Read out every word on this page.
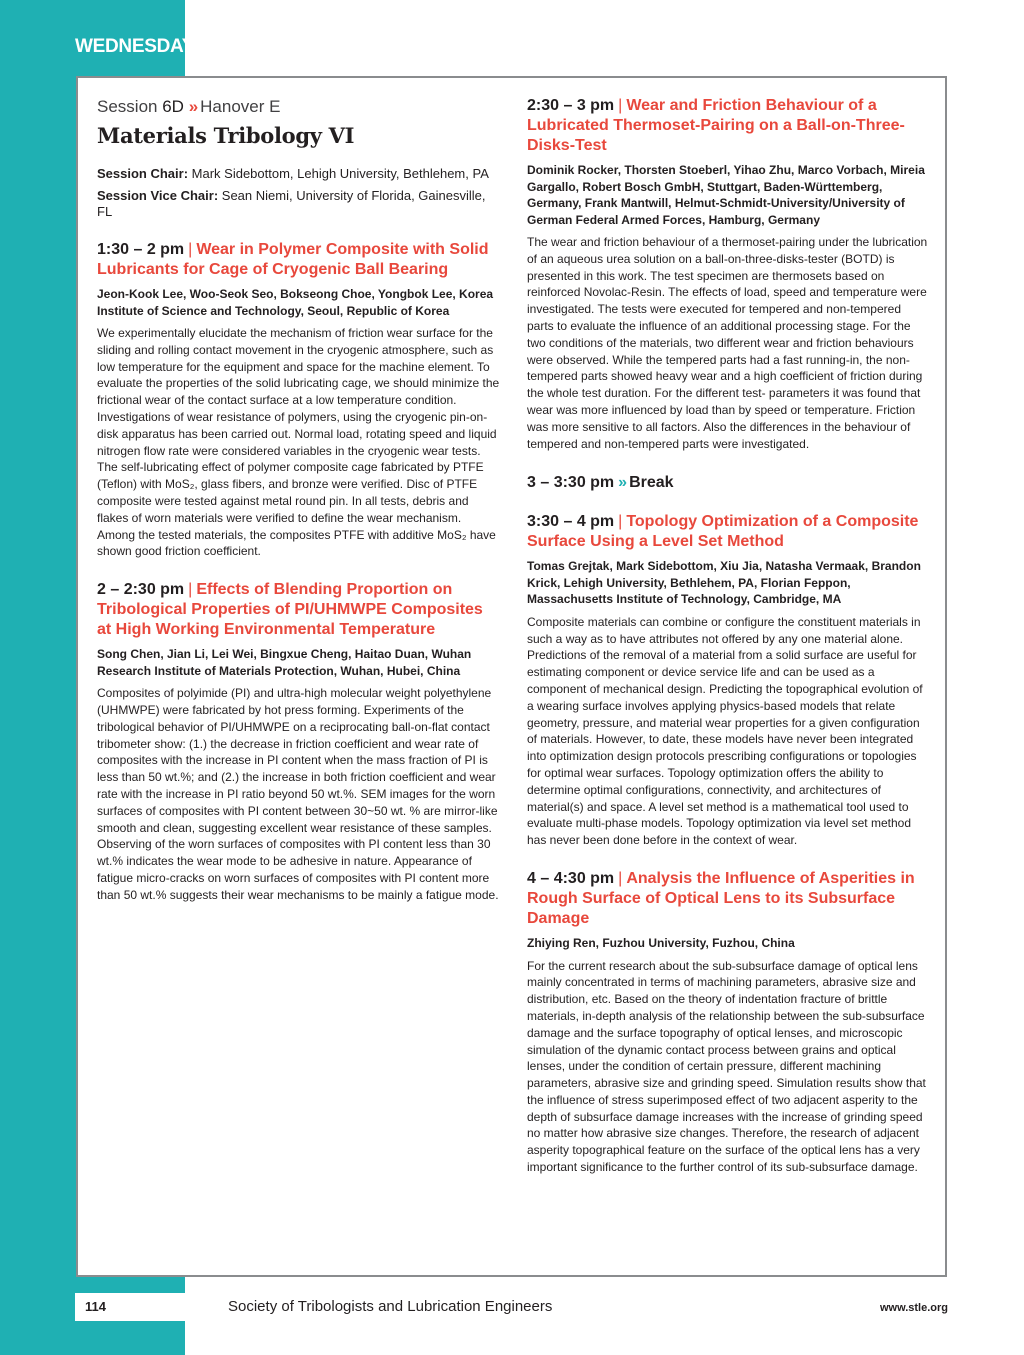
WEDNESDAY

Session 6D » Hanover E

Materials Tribology VI

Session Chair: Mark Sidebottom, Lehigh University, Bethlehem, PA

Session Vice Chair: Sean Niemi, University of Florida, Gainesville, FL

1:30 – 2 pm | Wear in Polymer Composite with Solid Lubricants for Cage of Cryogenic Ball Bearing

Jeon-Kook Lee, Woo-Seok Seo, Bokseong Choe, Yongbok Lee, Korea Institute of Science and Technology, Seoul, Republic of Korea

We experimentally elucidate the mechanism of friction wear surface for the sliding and rolling contact movement in the cryogenic atmosphere, such as low temperature for the equipment and space for the machine element. To evaluate the properties of the solid lubricating cage, we should minimize the frictional wear of the contact surface at a low temperature condition. Investigations of wear resistance of polymers, using the cryogenic pin-on-disk apparatus has been carried out. Normal load, rotating speed and liquid nitrogen flow rate were considered variables in the cryogenic wear tests. The self-lubricating effect of polymer composite cage fabricated by PTFE (Teflon) with MoS₂, glass fibers, and bronze were verified. Disc of PTFE composite were tested against metal round pin. In all tests, debris and flakes of worn materials were verified to define the wear mechanism. Among the tested materials, the composites PTFE with additive MoS₂ have shown good friction coefficient.

2 – 2:30 pm | Effects of Blending Proportion on Tribological Properties of PI/UHMWPE Composites at High Working Environmental Temperature

Song Chen, Jian Li, Lei Wei, Bingxue Cheng, Haitao Duan, Wuhan Research Institute of Materials Protection, Wuhan, Hubei, China

Composites of polyimide (PI) and ultra-high molecular weight polyethylene (UHMWPE) were fabricated by hot press forming. Experiments of the tribological behavior of PI/UHMWPE on a reciprocating ball-on-flat contact tribometer show: (1.) the decrease in friction coefficient and wear rate of composites with the increase in PI content when the mass fraction of PI is less than 50 wt.%; and (2.) the increase in both friction coefficient and wear rate with the increase in PI ratio beyond 50 wt.%. SEM images for the worn surfaces of composites with PI content between 30~50 wt. % are mirror-like smooth and clean, suggesting excellent wear resistance of these samples. Observing of the worn surfaces of composites with PI content less than 30 wt.% indicates the wear mode to be adhesive in nature. Appearance of fatigue micro-cracks on worn surfaces of composites with PI content more than 50 wt.% suggests their wear mechanisms to be mainly a fatigue mode.

2:30 – 3 pm | Wear and Friction Behaviour of a Lubricated Thermoset-Pairing on a Ball-on-Three-Disks-Test

Dominik Rocker, Thorsten Stoeberl, Yihao Zhu, Marco Vorbach, Mireia Gargallo, Robert Bosch GmbH, Stuttgart, Baden-Württemberg, Germany, Frank Mantwill, Helmut-Schmidt-University/University of German Federal Armed Forces, Hamburg, Germany

The wear and friction behaviour of a thermoset-pairing under the lubrication of an aqueous urea solution on a ball-on-three-disks-tester (BOTD) is presented in this work. The test specimen are thermosets based on reinforced Novolac-Resin. The effects of load, speed and temperature were investigated. The tests were executed for tempered and non-tempered parts to evaluate the influence of an additional processing stage. For the two conditions of the materials, two different wear and friction behaviours were observed. While the tempered parts had a fast running-in, the non-tempered parts showed heavy wear and a high coefficient of friction during the whole test duration. For the different test- parameters it was found that wear was more influenced by load than by speed or temperature. Friction was more sensitive to all factors. Also the differences in the behaviour of tempered and non-tempered parts were investigated.

3 – 3:30 pm » Break

3:30 – 4 pm | Topology Optimization of a Composite Surface Using a Level Set Method

Tomas Grejtak, Mark Sidebottom, Xiu Jia, Natasha Vermaak, Brandon Krick, Lehigh University, Bethlehem, PA, Florian Feppon, Massachusetts Institute of Technology, Cambridge, MA

Composite materials can combine or configure the constituent materials in such a way as to have attributes not offered by any one material alone. Predictions of the removal of a material from a solid surface are useful for estimating component or device service life and can be used as a component of mechanical design. Predicting the topographical evolution of a wearing surface involves applying physics-based models that relate geometry, pressure, and material wear properties for a given configuration of materials. However, to date, these models have never been integrated into optimization design protocols prescribing configurations or topologies for optimal wear surfaces. Topology optimization offers the ability to determine optimal configurations, connectivity, and architectures of material(s) and space. A level set method is a mathematical tool used to evaluate multi-phase models. Topology optimization via level set method has never been done before in the context of wear.

4 – 4:30 pm | Analysis the Influence of Asperities in Rough Surface of Optical Lens to its Subsurface Damage

Zhiying Ren, Fuzhou University, Fuzhou, China

For the current research about the sub-subsurface damage of optical lens mainly concentrated in terms of machining parameters, abrasive size and distribution, etc. Based on the theory of indentation fracture of brittle materials, in-depth analysis of the relationship between the sub-subsurface damage and the surface topography of optical lenses, and microscopic simulation of the dynamic contact process between grains and optical lenses, under the condition of certain pressure, different machining parameters, abrasive size and grinding speed. Simulation results show that the influence of stress superimposed effect of two adjacent asperity to the depth of subsurface damage increases with the increase of grinding speed no matter how abrasive size changes. Therefore, the research of adjacent asperity topographical feature on the surface of the optical lens has a very important significance to the further control of its sub-subsurface damage.

114	Society of Tribologists and Lubrication Engineers	www.stle.org
